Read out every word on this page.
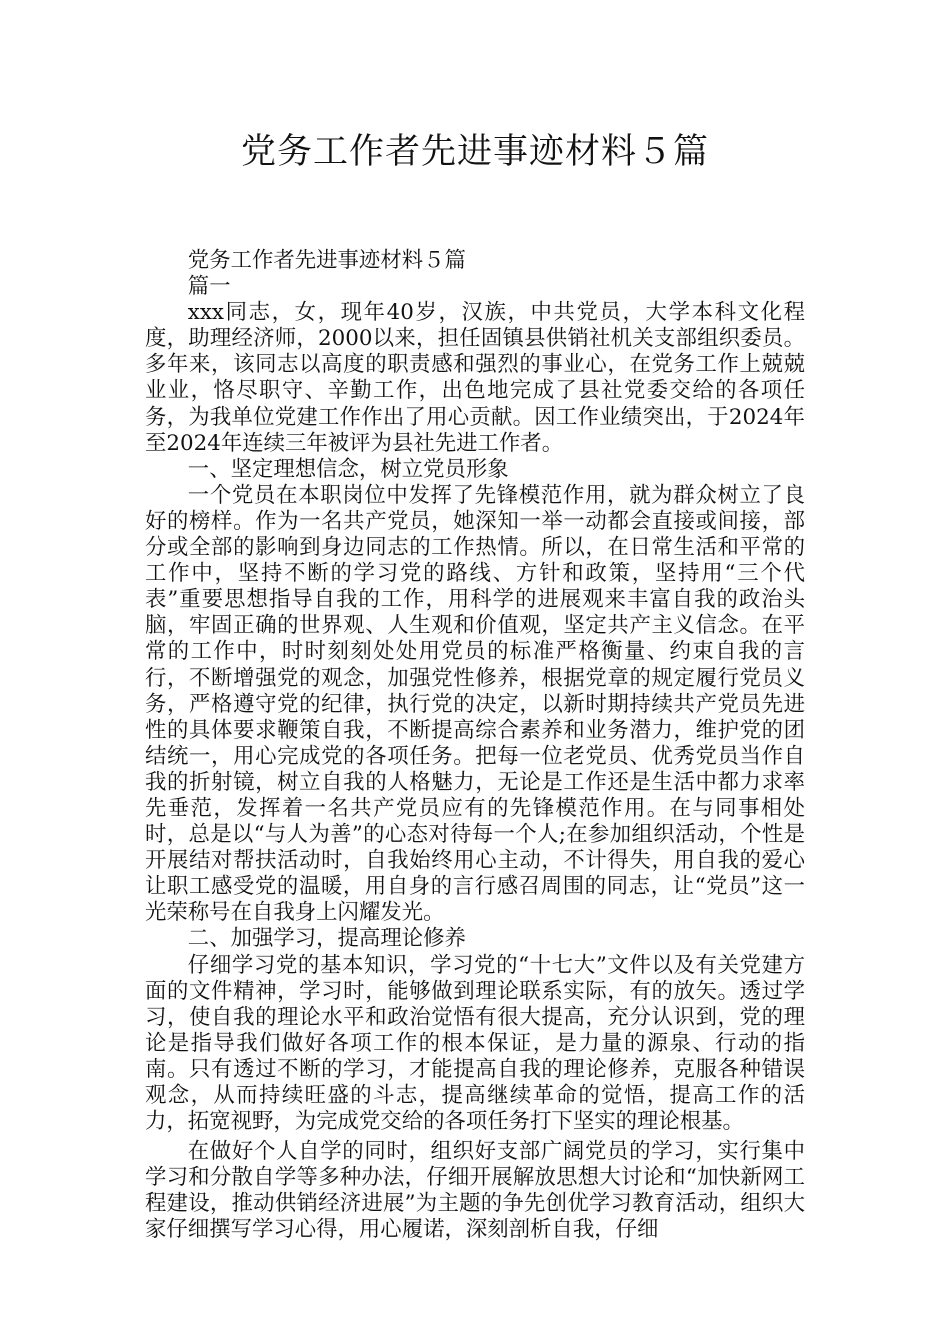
党务工作者先进事迹材料５篇

党务工作者先进事迹材料５篇

篇一

xxx同志，女，现年40岁，汉族，中共党员，大学本科文化程度，助理经济师，2000以来，担任固镇县供销社机关支部组织委员。多年来，该同志以高度的职责感和强烈的事业心，在党务工作上兢兢业业，恪尽职守、辛勤工作，出色地完成了县社党委交给的各项任务，为我单位党建工作作出了用心贡献。因工作业绩突出，于2024年至2024年连续三年被评为县社先进工作者。

一、坚定理想信念，树立党员形象

一个党员在本职岗位中发挥了先锋模范作用，就为群众树立了良好的榜样。作为一名共产党员，她深知一举一动都会直接或间接，部分或全部的影响到身边同志的工作热情。所以，在日常生活和平常的工作中，坚持不断的学习党的路线、方针和政策，坚持用“三个代表”重要思想指导自我的工作，用科学的进展观来丰富自我的政治头脑，牢固正确的世界观、人生观和价值观，坚定共产主义信念。在平常的工作中，时时刻刻处处用党员的标准严格衡量、约束自我的言行，不断增强党的观念，加强党性修养，根据党章的规定履行党员义务，严格遵守党的纪律，执行党的决定，以新时期持续共产党员先进性的具体要求鞭策自我，不断提高综合素养和业务潜力，维护党的团结统一，用心完成党的各项任务。把每一位老党员、优秀党员当作自我的折射镜，树立自我的人格魅力，无论是工作还是生活中都力求率先垂范，发挥着一名共产党员应有的先锋模范作用。在与同事相处时，总是以“与人为善”的心态对待每一个人;在参加组织活动，个性是开展结对帮扶活动时，自我始终用心主动，不计得失，用自我的爱心让职工感受党的温暖，用自身的言行感召周围的同志，让“党员”这一光荣称号在自我身上闪耀发光。

二、加强学习，提高理论修养

仔细学习党的基本知识，学习党的“十七大”文件以及有关党建方面的文件精神，学习时，能够做到理论联系实际，有的放矢。透过学习，使自我的理论水平和政治觉悟有很大提高，充分认识到，党的理论是指导我们做好各项工作的根本保证，是力量的源泉、行动的指南。只有透过不断的学习，才能提高自我的理论修养，克服各种错误观念，从而持续旺盛的斗志，提高继续革命的觉悟，提高工作的活力，拓宽视野，为完成党交给的各项任务打下坚实的理论根基。

在做好个人自学的同时，组织好支部广阔党员的学习，实行集中学习和分散自学等多种办法，仔细开展解放思想大讨论和“加快新网工程建设，推动供销经济进展”为主题的争先创优学习教育活动，组织大家仔细撰写学习心得，用心履诺，深刻剖析自我，仔细
